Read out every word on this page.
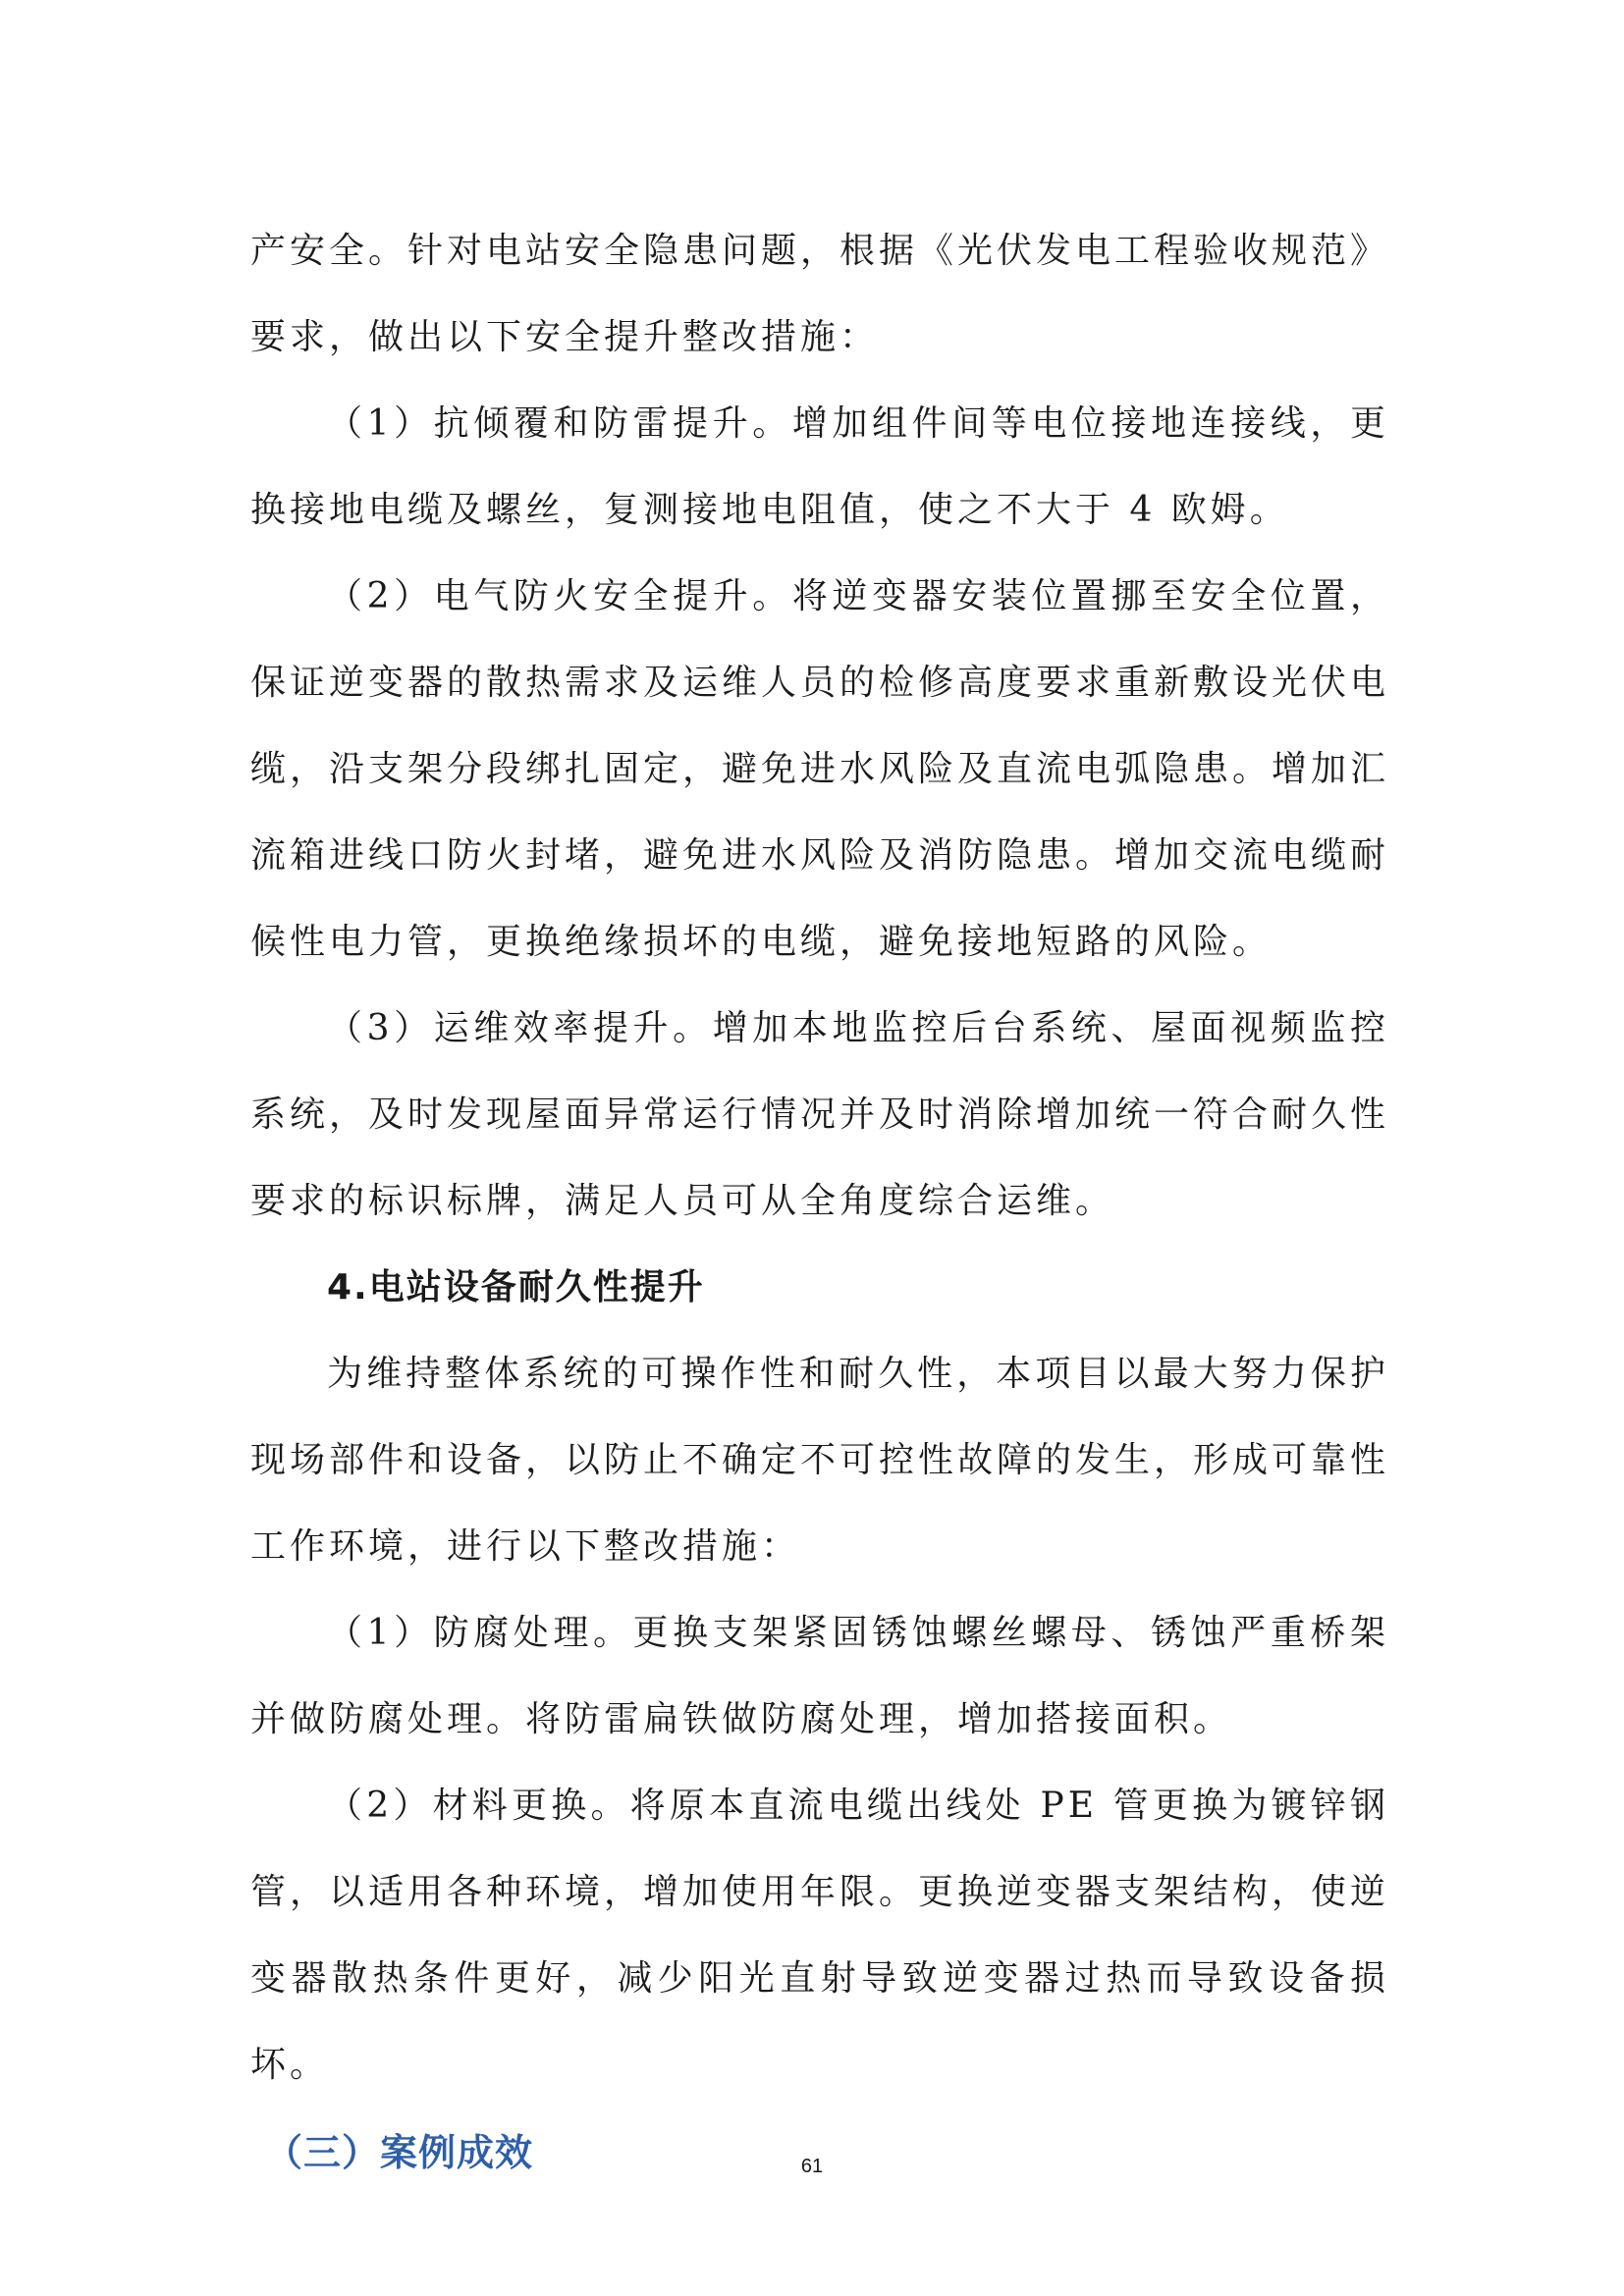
产安全。针对电站安全隐患问题，根据《光伏发电工程验收规范》要求，做出以下安全提升整改措施：

（1）抗倾覆和防雷提升。增加组件间等电位接地连接线，更换接地电缆及螺丝，复测接地电阻值，使之不大于 4 欧姆。

（2）电气防火安全提升。将逆变器安装位置挪至安全位置，保证逆变器的散热需求及运维人员的检修高度要求重新敷设光伏电缆，沿支架分段绑扎固定，避免进水风险及直流电弧隐患。增加汇流箱进线口防火封堵，避免进水风险及消防隐患。增加交流电缆耐候性电力管，更换绝缘损坏的电缆，避免接地短路的风险。

（3）运维效率提升。增加本地监控后台系统、屋面视频监控系统，及时发现屋面异常运行情况并及时消除增加统一符合耐久性要求的标识标牌，满足人员可从全角度综合运维。

4.电站设备耐久性提升

为维持整体系统的可操作性和耐久性，本项目以最大努力保护现场部件和设备，以防止不确定不可控性故障的发生，形成可靠性工作环境，进行以下整改措施：

（1）防腐处理。更换支架紧固锈蚀螺丝螺母、锈蚀严重桥架并做防腐处理。将防雷扁铁做防腐处理，增加搭接面积。

（2）材料更换。将原本直流电缆出线处 PE 管更换为镀锌钢管，以适用各种环境，增加使用年限。更换逆变器支架结构，使逆变器散热条件更好，减少阳光直射导致逆变器过热而导致设备损坏。

（三）案例成效	61
